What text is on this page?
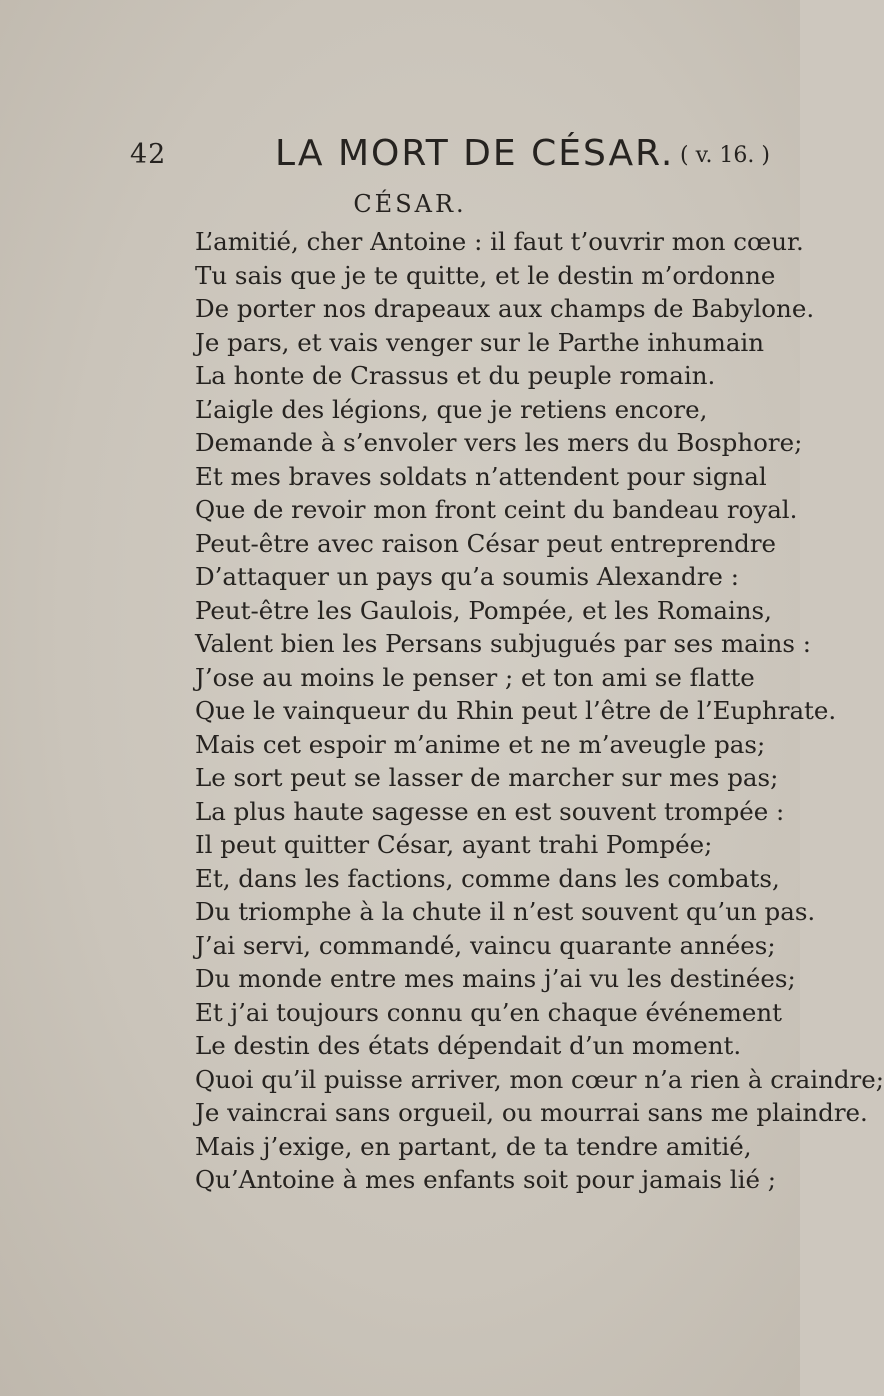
42	LA MORT DE CÉSAR. ( v. 16. )
CÉSAR.
L’amitié, cher Antoine : il faut t’ouvrir mon cœur.
Tu sais que je te quitte, et le destin m’ordonne
De porter nos drapeaux aux champs de Babylone.
Je pars, et vais venger sur le Parthe inhumain
La honte de Crassus et du peuple romain.
L’aigle des légions, que je retiens encore,
Demande à s’envoler vers les mers du Bosphore;
Et mes braves soldats n’attendent pour signal
Que de revoir mon front ceint du bandeau royal.
Peut-être avec raison César peut entreprendre
D’attaquer un pays qu’a soumis Alexandre :
Peut-être les Gaulois, Pompée, et les Romains,
Valent bien les Persans subjugués par ses mains :
J’ose au moins le penser ; et ton ami se flatte
Que le vainqueur du Rhin peut l’être de l’Euphrate.
Mais cet espoir m’anime et ne m’aveugle pas;
Le sort peut se lasser de marcher sur mes pas;
La plus haute sagesse en est souvent trompée :
Il peut quitter César, ayant trahi Pompée;
Et, dans les factions, comme dans les combats,
Du triomphe à la chute il n’est souvent qu’un pas.
J’ai servi, commandé, vaincu quarante années;
Du monde entre mes mains j’ai vu les destinées;
Et j’ai toujours connu qu’en chaque événement
Le destin des états dépendait d’un moment.
Quoi qu’il puisse arriver, mon cœur n’a rien à craindre;
Je vaincrai sans orgueil, ou mourrai sans me plaindre.
Mais j’exige, en partant, de ta tendre amitié,
Qu’Antoine à mes enfants soit pour jamais lié ;
